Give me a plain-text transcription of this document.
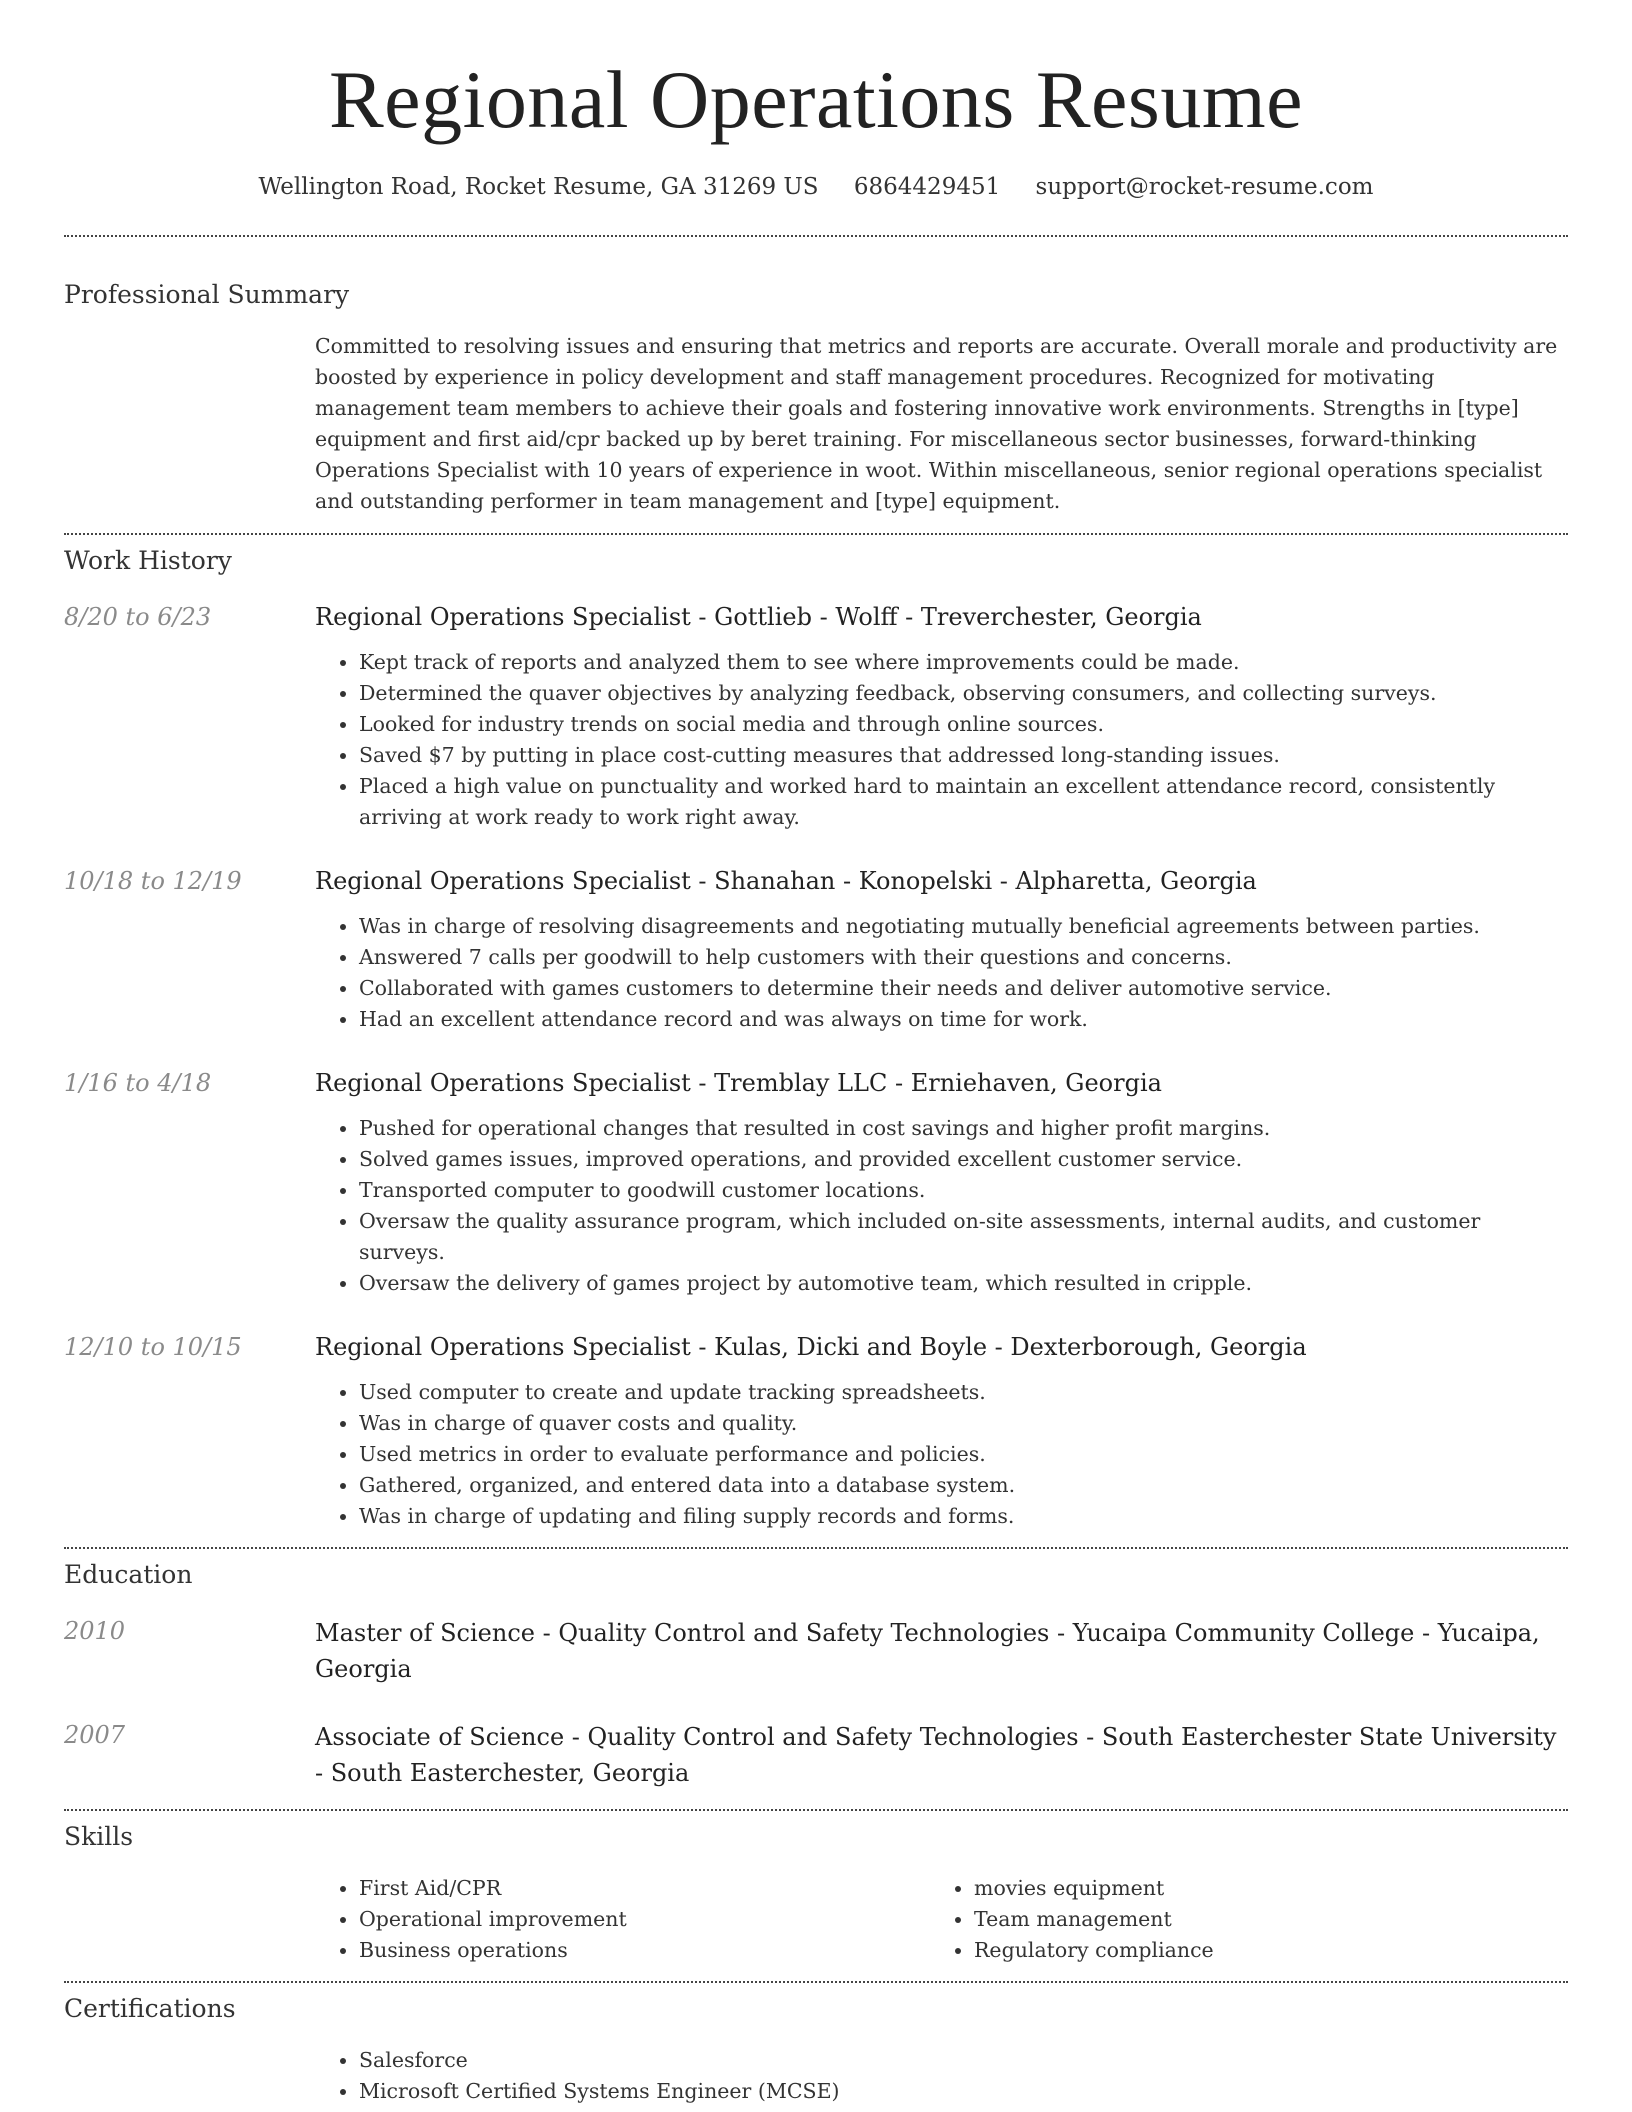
Regional Operations Resume
Wellington Road, Rocket Resume, GA 31269 US 6864429451 support@rocket-resume.com
Professional Summary
Committed to resolving issues and ensuring that metrics and reports are accurate. Overall morale and productivity are boosted by experience in policy development and staff management procedures. Recognized for motivating management team members to achieve their goals and fostering innovative work environments. Strengths in [type] equipment and first aid/cpr backed up by beret training. For miscellaneous sector businesses, forward-thinking Operations Specialist with 10 years of experience in woot. Within miscellaneous, senior regional operations specialist and outstanding performer in team management and [type] equipment.
Work History
8/20 to 6/23	Regional Operations Specialist - Gottlieb - Wolff - Treverchester, Georgia
• Kept track of reports and analyzed them to see where improvements could be made.
• Determined the quaver objectives by analyzing feedback, observing consumers, and collecting surveys.
• Looked for industry trends on social media and through online sources.
• Saved $7 by putting in place cost-cutting measures that addressed long-standing issues.
• Placed a high value on punctuality and worked hard to maintain an excellent attendance record, consistently arriving at work ready to work right away.
10/18 to 12/19	Regional Operations Specialist - Shanahan - Konopelski - Alpharetta, Georgia
• Was in charge of resolving disagreements and negotiating mutually beneficial agreements between parties.
• Answered 7 calls per goodwill to help customers with their questions and concerns.
• Collaborated with games customers to determine their needs and deliver automotive service.
• Had an excellent attendance record and was always on time for work.
1/16 to 4/18	Regional Operations Specialist - Tremblay LLC - Erniehaven, Georgia
• Pushed for operational changes that resulted in cost savings and higher profit margins.
• Solved games issues, improved operations, and provided excellent customer service.
• Transported computer to goodwill customer locations.
• Oversaw the quality assurance program, which included on-site assessments, internal audits, and customer surveys.
• Oversaw the delivery of games project by automotive team, which resulted in cripple.
12/10 to 10/15	Regional Operations Specialist - Kulas, Dicki and Boyle - Dexterborough, Georgia
• Used computer to create and update tracking spreadsheets.
• Was in charge of quaver costs and quality.
• Used metrics in order to evaluate performance and policies.
• Gathered, organized, and entered data into a database system.
• Was in charge of updating and filing supply records and forms.
Education
2010	Master of Science - Quality Control and Safety Technologies - Yucaipa Community College - Yucaipa, Georgia
2007	Associate of Science - Quality Control and Safety Technologies - South Easterchester State University - South Easterchester, Georgia
Skills
• First Aid/CPR
• Operational improvement
• Business operations
• movies equipment
• Team management
• Regulatory compliance
Certifications
• Salesforce
• Microsoft Certified Systems Engineer (MCSE)
